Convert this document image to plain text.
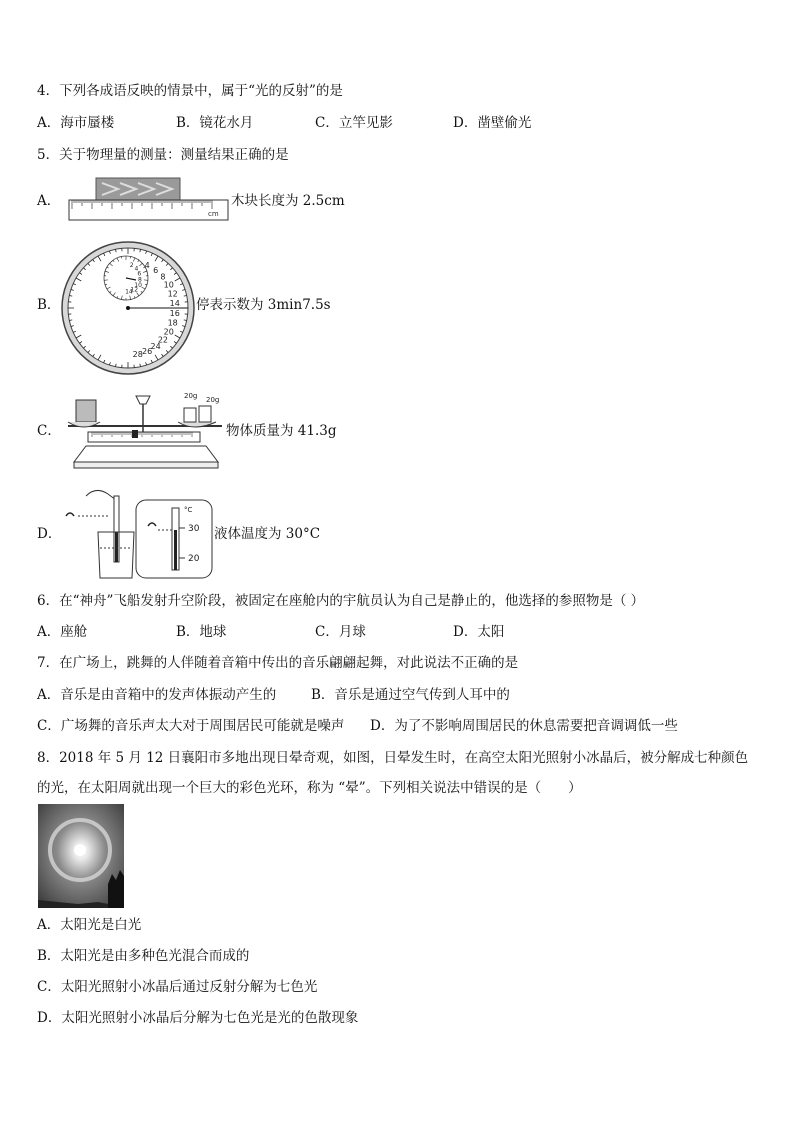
4．下列各成语反映的情景中，属于“光的反射”的是
A．海市蜃楼	B．镜花水月	C．立竿见影	D．凿壁偷光
5．关于物理量的测量：测量结果正确的是
A．
cm
木块长度为 2.5cm
B．
4
6
8
10
12
14
16
18
20
22
24
26
28
2 4
6
8
10
12
14
停表示数为 3min7.5s
C．
20g 20g
物体质量为 41.3g
D．
°C
30
20
液体温度为 30°C
6．在“神舟”飞船发射升空阶段，被固定在座舱内的宇航员认为自己是静止的，他选择的参照物是（ ）
A．座舱	B．地球	C．月球	D．太阳
7．在广场上，跳舞的人伴随着音箱中传出的音乐翩翩起舞，对此说法不正确的是
A．音乐是由音箱中的发声体振动产生的	B．音乐是通过空气传到人耳中的
C．广场舞的音乐声太大对于周围居民可能就是噪声 D．为了不影响周围居民的休息需要把音调调低一些
8．2018 年 5 月 12 日襄阳市多地出现日晕奇观，如图，日晕发生时，在高空太阳光照射小冰晶后，被分解成七种颜色
的光，在太阳周就出现一个巨大的彩色光环，称为 “晕”。下列相关说法中错误的是（　　）
A．太阳光是白光
B．太阳光是由多种色光混合而成的
C．太阳光照射小冰晶后通过反射分解为七色光
D．太阳光照射小冰晶后分解为七色光是光的色散现象
